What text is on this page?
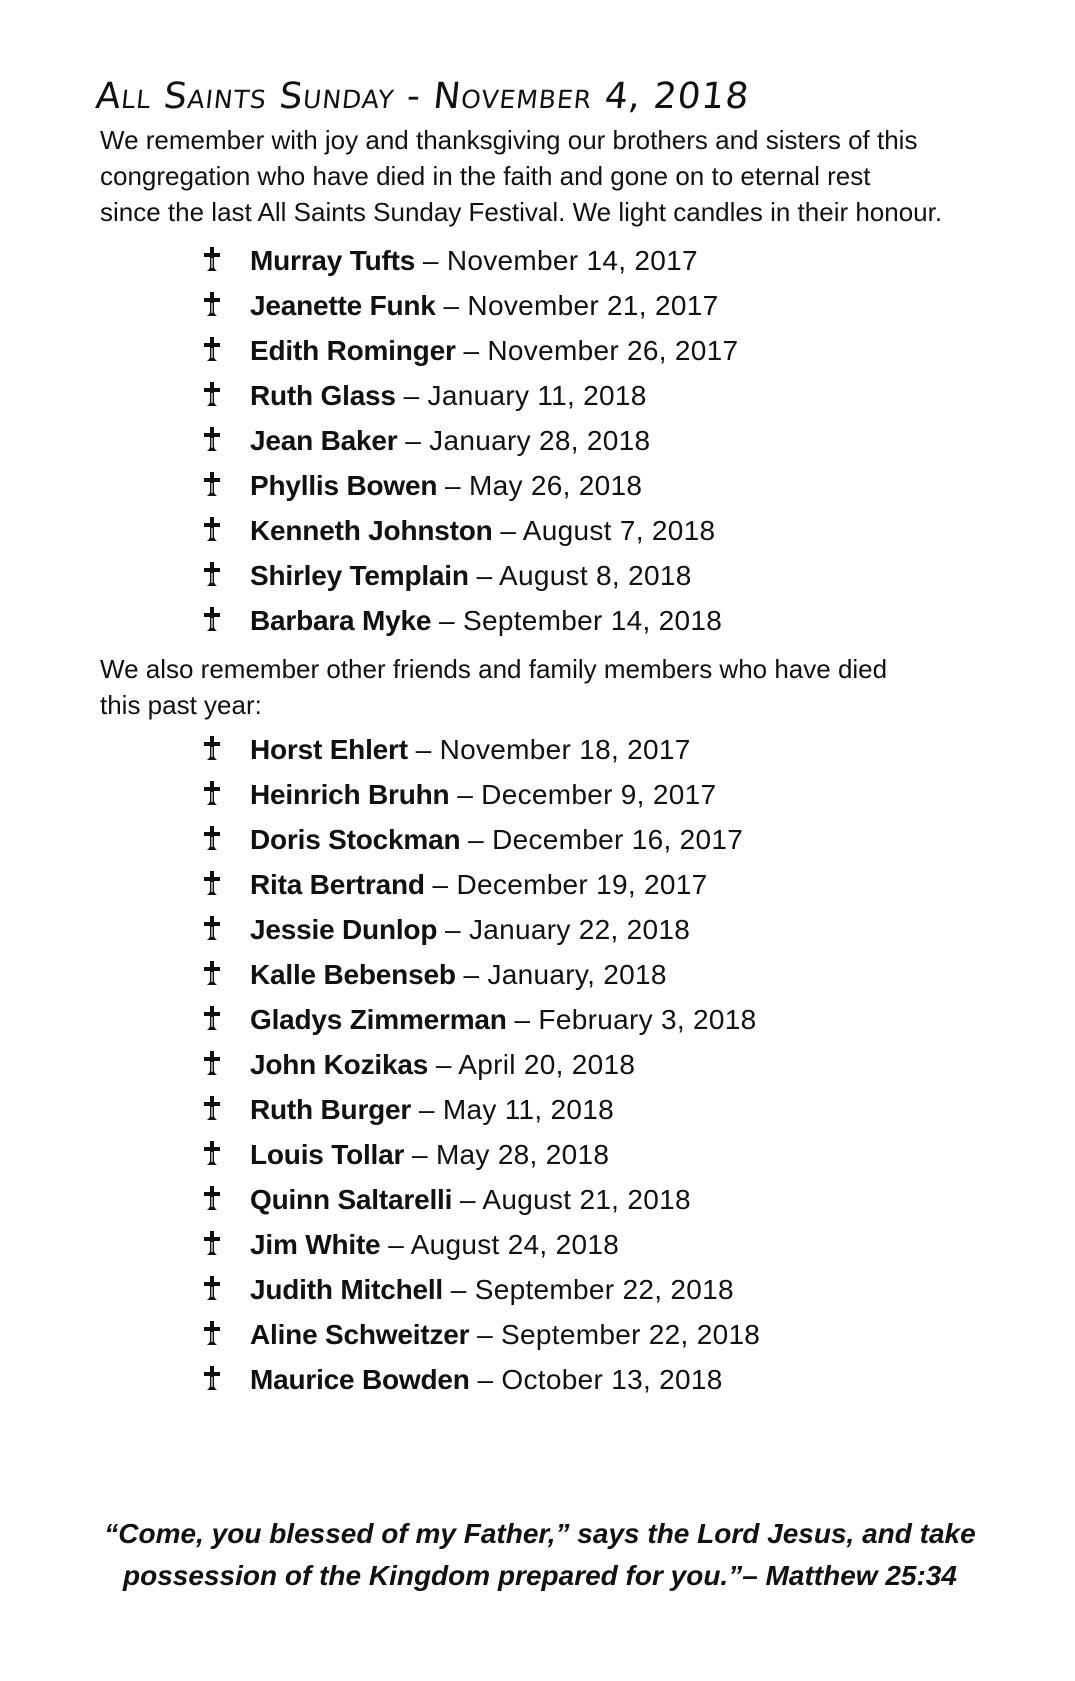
All Saints Sunday - November 4, 2018

We remember with joy and thanksgiving our brothers and sisters of this

congregation who have died in the faith and gone on to eternal rest

since the last All Saints Sunday Festival. We light candles in their honour.

Murray Tufts – November 14, 2017
Jeanette Funk – November 21, 2017
Edith Rominger – November 26, 2017
Ruth Glass – January 11, 2018
Jean Baker – January 28, 2018
Phyllis Bowen – May 26, 2018
Kenneth Johnston – August 7, 2018
Shirley Templain – August 8, 2018
Barbara Myke – September 14, 2018

We also remember other friends and family members who have died

this past year:

Horst Ehlert – November 18, 2017
Heinrich Bruhn – December 9, 2017
Doris Stockman – December 16, 2017
Rita Bertrand – December 19, 2017
Jessie Dunlop – January 22, 2018
Kalle Bebenseb – January, 2018
Gladys Zimmerman – February 3, 2018
John Kozikas – April 20, 2018
Ruth Burger – May 11, 2018
Louis Tollar – May 28, 2018
Quinn Saltarelli – August 21, 2018
Jim White – August 24, 2018
Judith Mitchell – September 22, 2018
Aline Schweitzer – September 22, 2018
Maurice Bowden – October 13, 2018

“Come, you blessed of my Father,” says the Lord Jesus, and take

possession of the Kingdom prepared for you.”– Matthew 25:34
